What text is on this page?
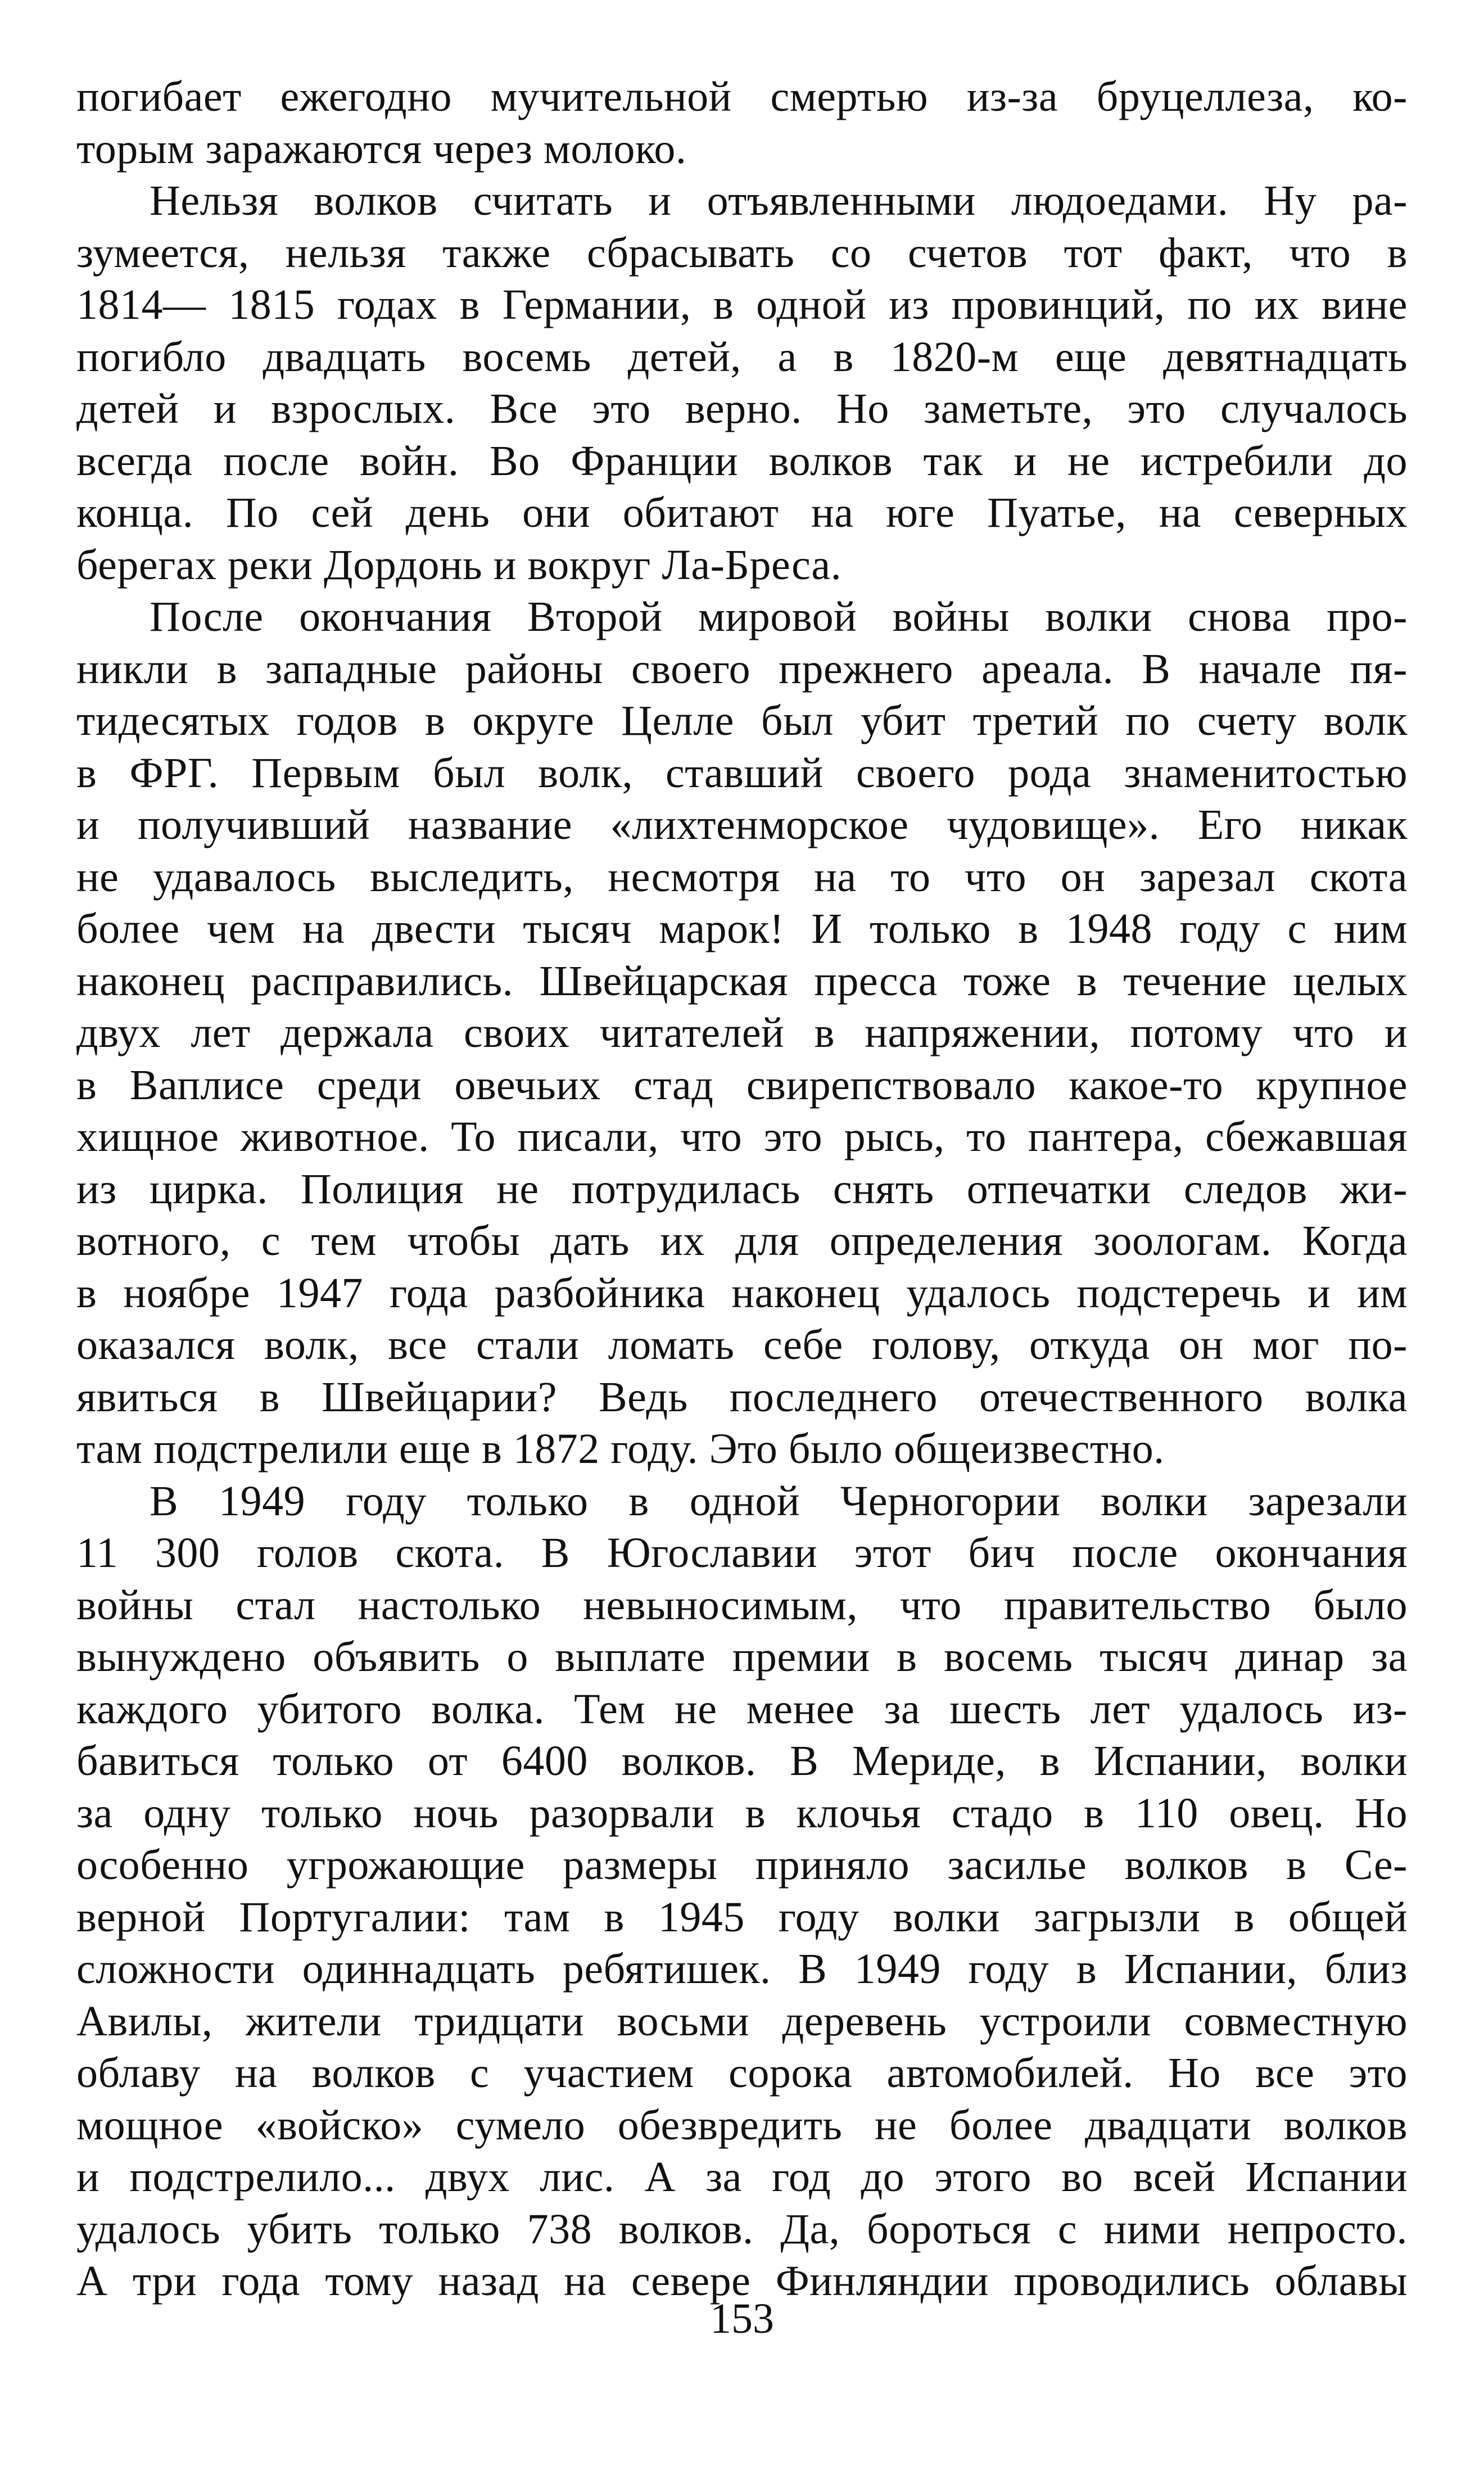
погибает ежегодно мучительной смертью из-за бруцеллеза, ко-
торым заражаются через молоко.
Нельзя волков считать и отъявленными людоедами. Ну ра-
зумеется, нельзя также сбрасывать со счетов тот факт, что в
1814— 1815 годах в Германии, в одной из провинций, по их вине
погибло двадцать восемь детей, а в 1820-м еще девятнадцать
детей и взрослых. Все это верно. Но заметьте, это случалось
всегда после войн. Во Франции волков так и не истребили до
конца. По сей день они обитают на юге Пуатье, на северных
берегах реки Дордонь и вокруг Ла-Бреса.
После окончания Второй мировой войны волки снова про-
никли в западные районы своего прежнего ареала. В начале пя-
тидесятых годов в округе Целле был убит третий по счету волк
в ФРГ. Первым был волк, ставший своего рода знаменитостью
и получивший название «лихтенморское чудовище». Его никак
не удавалось выследить, несмотря на то что он зарезал скота
более чем на двести тысяч марок! И только в 1948 году с ним
наконец расправились. Швейцарская пресса тоже в течение целых
двух лет держала своих читателей в напряжении, потому что и
в Ваплисе среди овечьих стад свирепствовало какое-то крупное
хищное животное. То писали, что это рысь, то пантера, сбежавшая
из цирка. Полиция не потрудилась снять отпечатки следов жи-
вотного, с тем чтобы дать их для определения зоологам. Когда
в ноябре 1947 года разбойника наконец удалось подстеречь и им
оказался волк, все стали ломать себе голову, откуда он мог по-
явиться в Швейцарии? Ведь последнего отечественного волка
там подстрелили еще в 1872 году. Это было общеизвестно.
В 1949 году только в одной Черногории волки зарезали
11 300 голов скота. В Югославии этот бич после окончания
войны стал настолько невыносимым, что правительство было
вынуждено объявить о выплате премии в восемь тысяч динар за
каждого убитого волка. Тем не менее за шесть лет удалось из-
бавиться только от 6400 волков. В Мериде, в Испании, волки
за одну только ночь разорвали в клочья стадо в 110 овец. Но
особенно угрожающие размеры приняло засилье волков в Се-
верной Португалии: там в 1945 году волки загрызли в общей
сложности одиннадцать ребятишек. В 1949 году в Испании, близ
Авилы, жители тридцати восьми деревень устроили совместную
облаву на волков с участием сорока автомобилей. Но все это
мощное «войско» сумело обезвредить не более двадцати волков
и подстрелило... двух лис. А за год до этого во всей Испании
удалось убить только 738 волков. Да, бороться с ними непросто.
А три года тому назад на севере Финляндии проводились облавы
153
